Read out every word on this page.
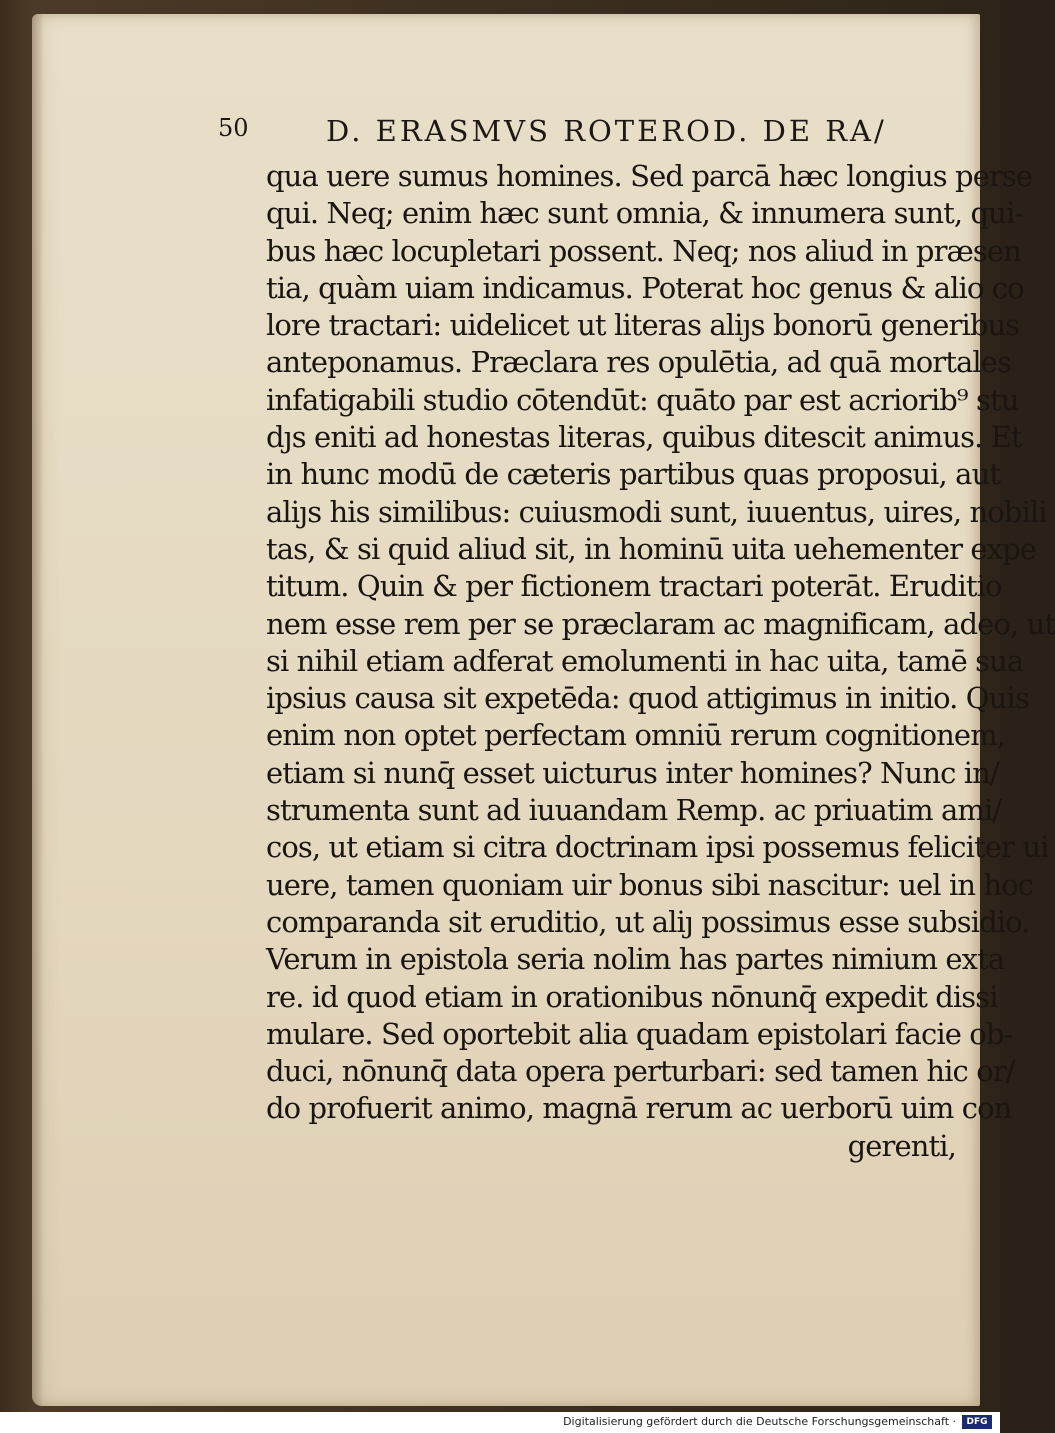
50	D. ERASMVS ROTEROD. DE RA/
qua uere sumus homines. Sed parcā hæc longius perse
qui. Neq; enim hæc sunt omnia, & innumera sunt, qui-
bus hæc locupletari possent. Neq; nos aliud in præsen
tia, quàm uiam indicamus. Poterat hoc genus & alio co
lore tractari: uidelicet ut literas aliȷs bonorū generibus
anteponamus. Præclara res opulētia, ad quā mortales
infatigabili studio cōtendūt: quāto par est acriorib⁹ stu
dȷs eniti ad honestas literas, quibus ditescit animus. Et
in hunc modū de cæteris partibus quas proposui, aut
aliȷs his similibus: cuiusmodi sunt, iuuentus, uires, nobili
tas, & si quid aliud sit, in hominū uita uehementer expe
titum. Quin & per fictionem tractari poterāt. Eruditio
nem esse rem per se præclaram ac magnificam, adeo, ut
si nihil etiam adferat emolumenti in hac uita, tamē sua
ipsius causa sit expetēda: quod attigimus in initio. Quis
enim non optet perfectam omniū rerum cognitionem,
etiam si nunq̄ esset uicturus inter homines? Nunc in/
strumenta sunt ad iuuandam Remp. ac priuatim ami/
cos, ut etiam si citra doctrinam ipsi possemus feliciter ui
uere, tamen quoniam uir bonus sibi nascitur: uel in hoc
comparanda sit eruditio, ut aliȷ possimus esse subsidio.
Verum in epistola seria nolim has partes nimium exta
re. id quod etiam in orationibus nōnunq̄ expedit dissi
mulare. Sed oportebit alia quadam epistolari facie ob-
duci, nōnunq̄ data opera perturbari: sed tamen hic or/
do profuerit animo, magnā rerum ac uerborū uim con
gerenti,
Digitalisierung gefördert durch die Deutsche Forschungsgemeinschaft ·	DFG
